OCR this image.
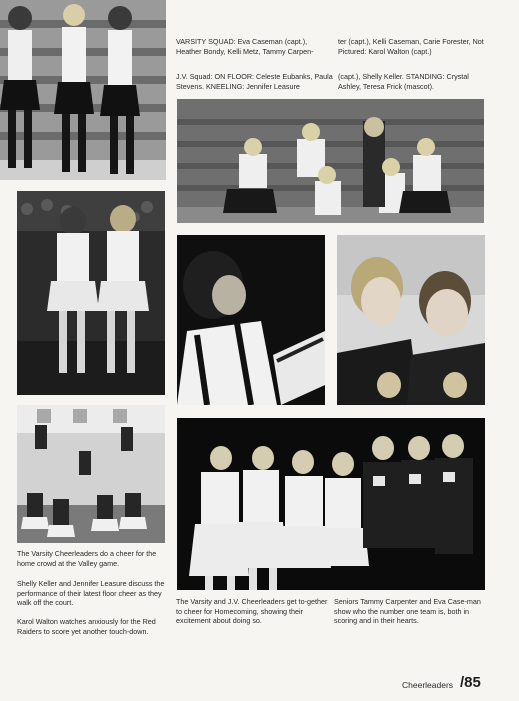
VARSITY SQUAD: Eva Caseman (capt.), Heather Bondy, Kelli Metz, Tammy Carpen-

ter (capt.), Kelli Caseman, Carie Forester, Not Pictured: Karol Walton (capt.)

J.V. Squad: ON FLOOR: Celeste Eubanks, Paula Stevens. KNEELING: Jennifer Leasure

(capt.), Shelly Keller. STANDING: Crystal Ashley, Teresa Frick (mascot).

The Varsity Cheerleaders do a cheer for the home crowd at the Valley game.

Shelly Keller and Jennifer Leasure discuss the performance of their latest floor cheer as they walk off the court.

Karol Walton watches anxiously for the Red Raiders to score yet another touch-down.

The Varsity and J.V. Cheerleaders get to-gether to cheer for Homecoming, showing their excitement about doing so.

Seniors Tammy Carpenter and Eva Case-man show who the number one team is, both in scoring and in their hearts.

Cheerleaders /85
